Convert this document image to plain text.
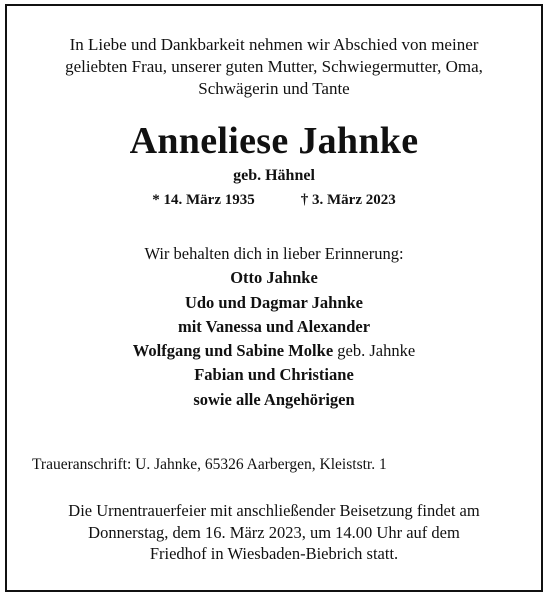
In Liebe und Dankbarkeit nehmen wir Abschied von meiner
geliebten Frau, unserer guten Mutter, Schwiegermutter, Oma,
Schwägerin und Tante
Anneliese Jahnke
geb. Hähnel
* 14. März 1935	† 3. März 2023
Wir behalten dich in lieber Erinnerung:
Otto Jahnke
Udo und Dagmar Jahnke
mit Vanessa und Alexander
Wolfgang und Sabine Molke geb. Jahnke
Fabian und Christiane
sowie alle Angehörigen
Traueranschrift: U. Jahnke, 65326 Aarbergen, Kleiststr. 1
Die Urnentrauerfeier mit anschließender Beisetzung findet am
Donnerstag, dem 16. März 2023, um 14.00 Uhr auf dem
Friedhof in Wiesbaden-Biebrich statt.
